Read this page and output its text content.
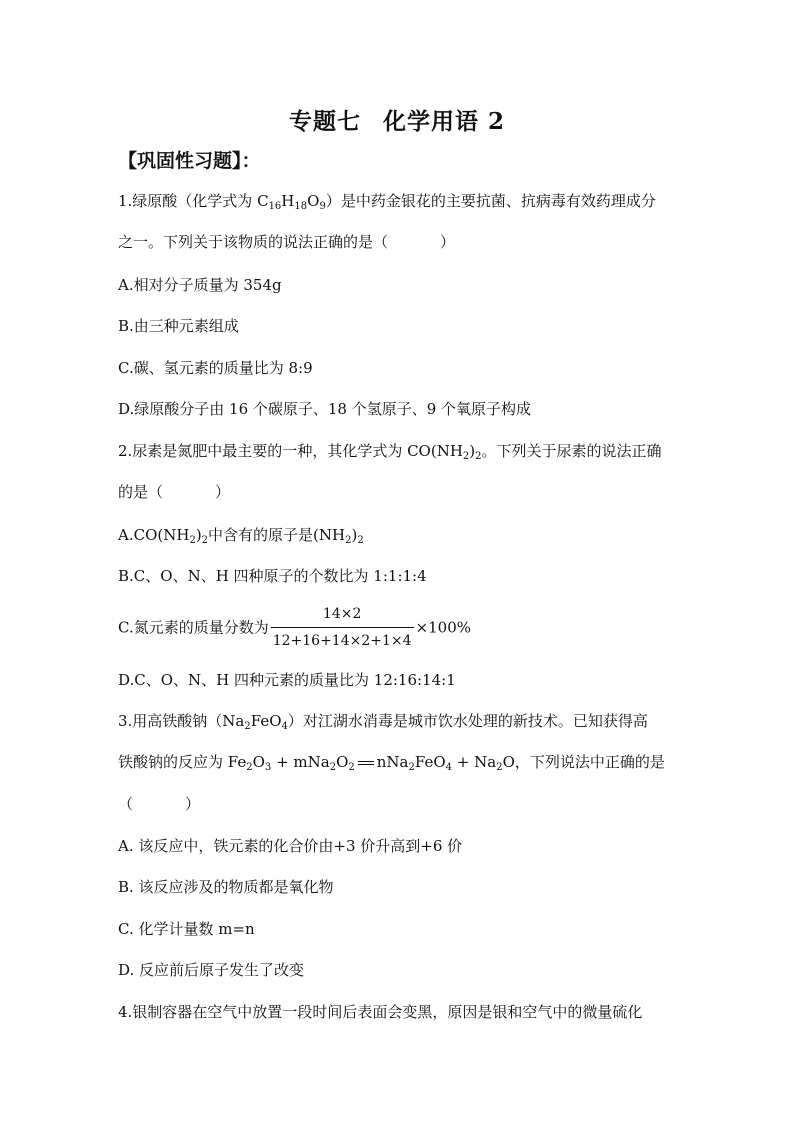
专题七 化学用语 2
【巩固性习题】：
1.绿原酸（化学式为 $C_{16}H_{18}O_9$）是中药金银花的主要抗菌、抗病毒有效药理成分
之一。下列关于该物质的说法正确的是（	）
A.相对分子质量为 354g
B.由三种元素组成
C.碳、氢元素的质量比为 8:9
D.绿原酸分子由 16 个碳原子、18 个氢原子、9 个氧原子构成
2.尿素是氮肥中最主要的一种，其化学式为 $CO(NH_2)_2$。下列关于尿素的说法正确
的是（	）
$A.CO(NH_2)_2$中含有的原子是$(NH_2)_2$
B.C、O、N、H 四种原子的个数比为 1:1:1:4
C.氮元素的质量分数为 $\frac{14\times 2}{12+16+14\times 2+1\times 4} \times 100\%$
D.C、O、N、H 四种元素的质量比为 12:16:14:1
3.用高铁酸钠$(Na_2FeO_4)$对江湖水消毒是城市饮水处理的新技术。已知获得高
铁酸钠的反应为 $Fe_2O_3 + mNa_2O_2$ $nNa_2FeO_4 + Na_2O$，下列说法中正确的是
（	）
A. 该反应中，铁元素的化合价由+3 价升高到+6 价
B. 该反应涉及的物质都是氧化物
C. 化学计量数 m=n
D. 反应前后原子发生了改变
4.银制容器在空气中放置一段时间后表面会变黑，原因是银和空气中的微量硫化
